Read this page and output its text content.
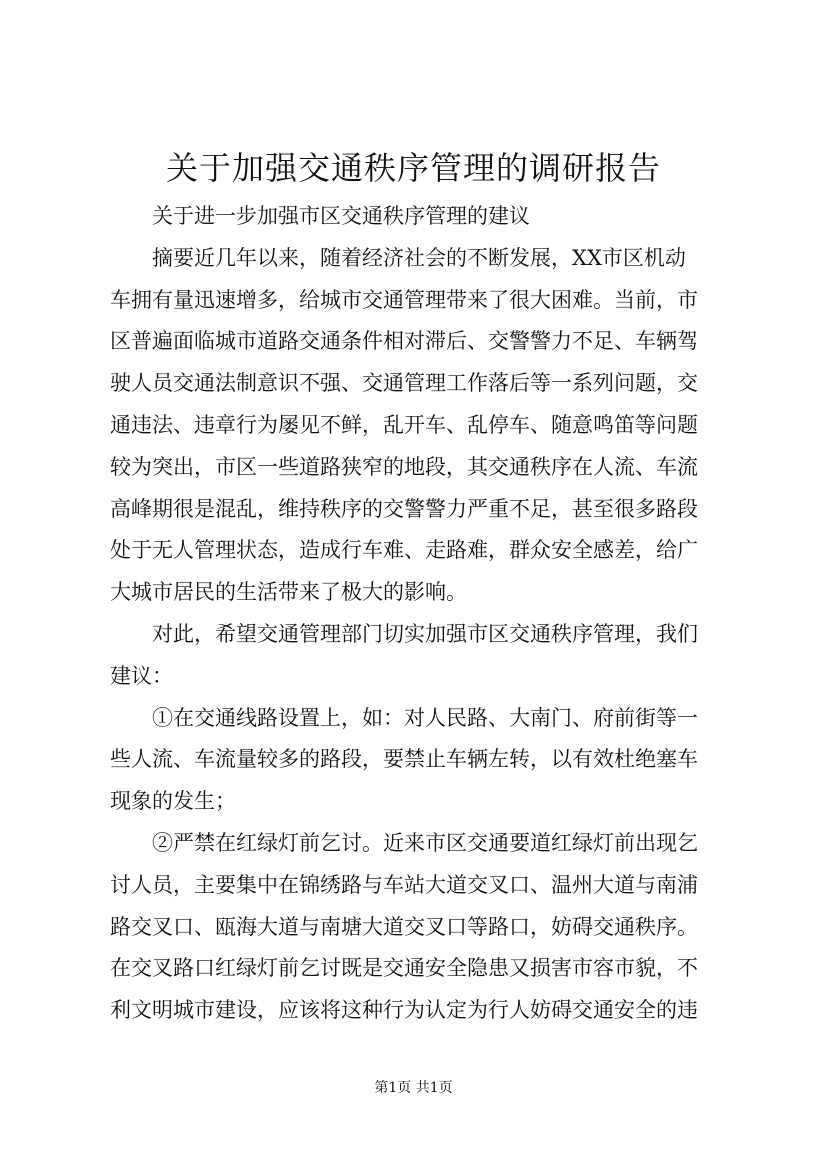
关于加强交通秩序管理的调研报告
关于进一步加强市区交通秩序管理的建议
摘要近几年以来，随着经济社会的不断发展，XX市区机动
车拥有量迅速增多，给城市交通管理带来了很大困难。当前，市
区普遍面临城市道路交通条件相对滞后、交警警力不足、车辆驾
驶人员交通法制意识不强、交通管理工作落后等一系列问题，交
通违法、违章行为屡见不鲜，乱开车、乱停车、随意鸣笛等问题
较为突出，市区一些道路狭窄的地段，其交通秩序在人流、车流
高峰期很是混乱，维持秩序的交警警力严重不足，甚至很多路段
处于无人管理状态，造成行车难、走路难，群众安全感差，给广
大城市居民的生活带来了极大的影响。
对此，希望交通管理部门切实加强市区交通秩序管理，我们
建议：
①在交通线路设置上，如：对人民路、大南门、府前街等一
些人流、车流量较多的路段，要禁止车辆左转，以有效杜绝塞车
现象的发生；
②严禁在红绿灯前乞讨。近来市区交通要道红绿灯前出现乞
讨人员，主要集中在锦绣路与车站大道交叉口、温州大道与南浦
路交叉口、瓯海大道与南塘大道交叉口等路口，妨碍交通秩序。
在交叉路口红绿灯前乞讨既是交通安全隐患又损害市容市貌，不
利文明城市建设，应该将这种行为认定为行人妨碍交通安全的违
第1页 共1页
